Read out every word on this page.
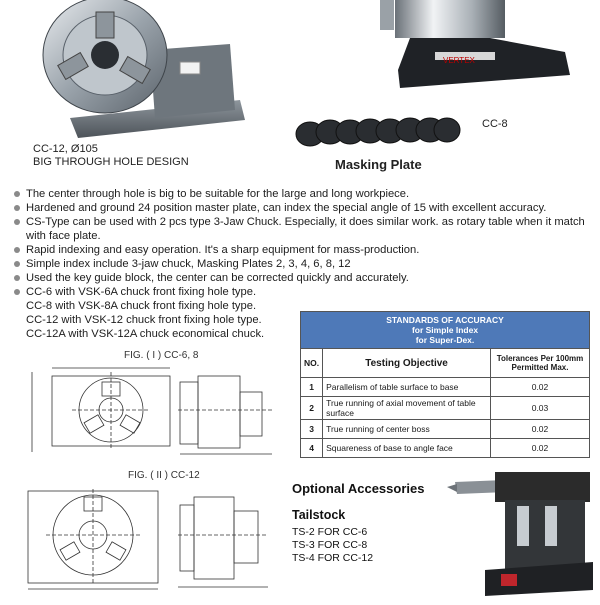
CC-12, Ø105
BIG THROUGH HOLE DESIGN
VERTEX
CC-8
Masking Plate
The center through hole is big to be suitable for the large and long workpiece.
Hardened and ground 24 position master plate, can index the special angle of 15 with excellent accuracy.
CS-Type can be used with 2 pcs type 3-Jaw Chuck. Especially, it does similar work. as rotary table when it match with face plate.
Rapid indexing and easy operation. It's a sharp equipment for mass-production.
Simple index include 3-jaw chuck, Masking Plates 2, 3, 4, 6, 8, 12
Used the key guide block, the center can be corrected quickly and accurately.
CC-6 with VSK-6A chuck front fixing hole type.
CC-8 with VSK-8A chuck front fixing hole type.
CC-12 with VSK-12 chuck front fixing hole type.
CC-12A with VSK-12A chuck economical chuck.
STANDARDS OF ACCURACY
for Simple Index
for Super-Dex.		

NO.	Testing Objective	Tolerances Per 100mm
Permitted Max.

1	Parallelism of table surface to base	0.02
2	True running of axial movement of table surface	0.03
3	True running of center boss	0.02
4	Squareness of base to angle face	0.02
FIG. ( I ) CC-6, 8
FIG. ( II ) CC-12
Optional Accessories
Tailstock
TS-2 FOR CC-6
TS-3 FOR CC-8
TS-4 FOR CC-12
